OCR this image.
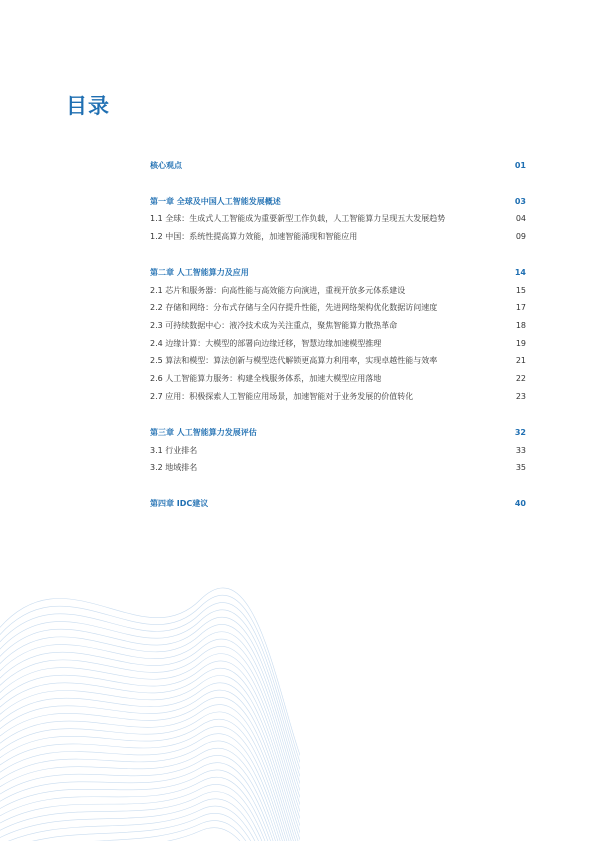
目录
核心观点	01
第一章 全球及中国人工智能发展概述	03
1.1 全球：生成式人工智能成为重要新型工作负载，人工智能算力呈现五大发展趋势	04
1.2 中国：系统性提高算力效能，加速智能涌现和智能应用	09
第二章 人工智能算力及应用	14
2.1 芯片和服务器：向高性能与高效能方向演进，重视开放多元体系建设	15
2.2 存储和网络：分布式存储与全闪存提升性能，先进网络架构优化数据访问速度	17
2.3 可持续数据中心：液冷技术成为关注重点，聚焦智能算力散热革命	18
2.4 边缘计算：大模型的部署向边缘迁移，智慧边缘加速模型推理	19
2.5 算法和模型：算法创新与模型迭代解锁更高算力利用率，实现卓越性能与效率	21
2.6 人工智能算力服务：构建全栈服务体系，加速大模型应用落地	22
2.7 应用：积极探索人工智能应用场景，加速智能对于业务发展的价值转化	23
第三章 人工智能算力发展评估	32
3.1 行业排名	33
3.2 地域排名	35
第四章 IDC建议	40
